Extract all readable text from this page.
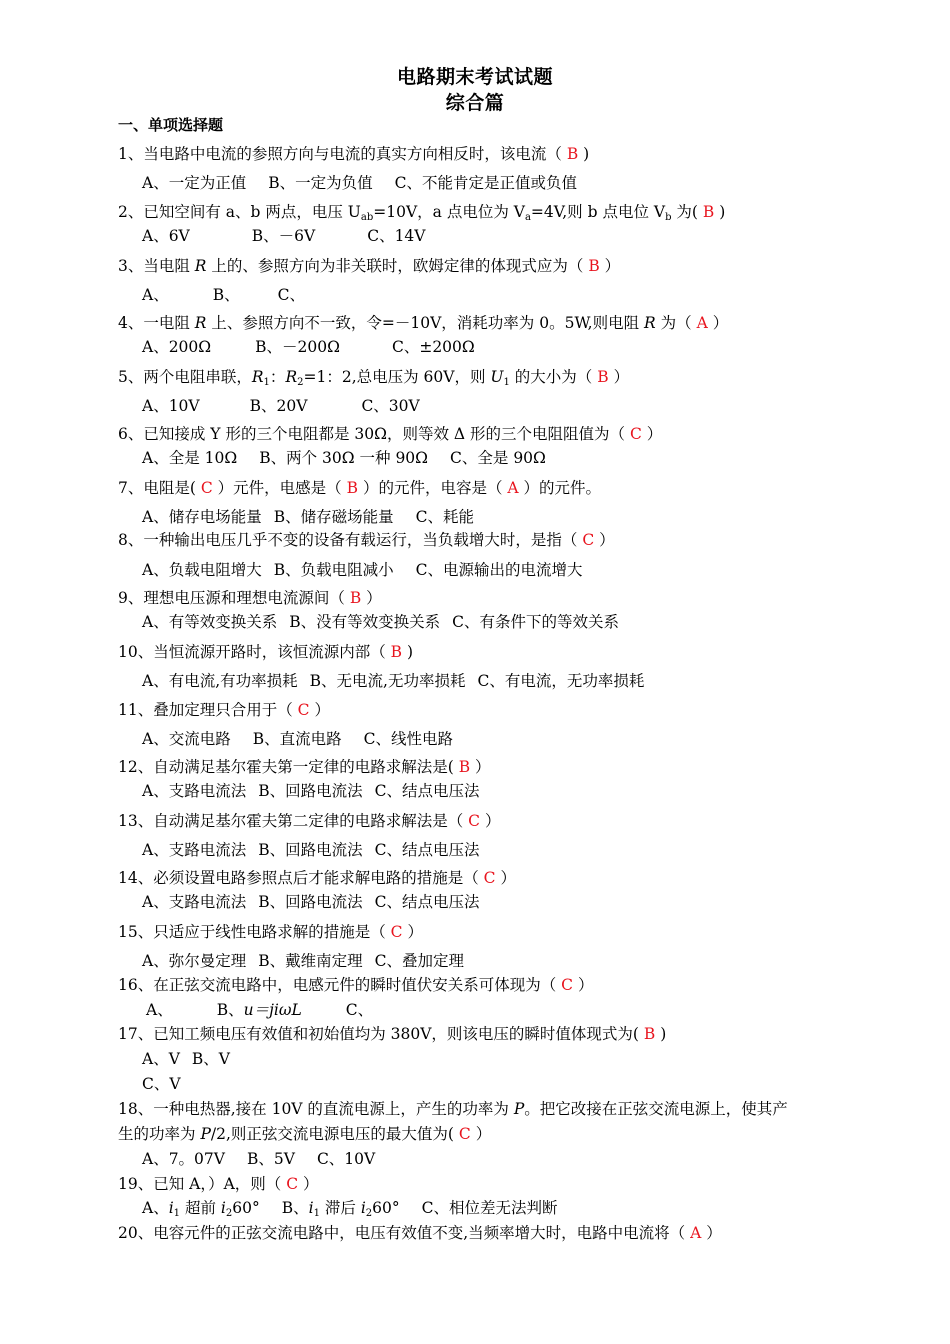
电路期末考试试题
综合篇
一、单项选择题
1、当电路中电流的参照方向与电流的真实方向相反时，该电流（ B )
A、一定为正值 B、一定为负值 C、不能肯定是正值或负值
2、已知空间有 a、b 两点，电压 $U_{ab}=10V$，a 点电位为 $V_a=4V$,则 b 点电位 $V_b$ 为( B )
A、6V	B、－6V	C、14V
3、当电阻 R 上的、参照方向为非关联时，欧姆定律的体现式应为（ B ）
A、	B、 C、
4、一电阻 R 上、参照方向不一致，令=－10V，消耗功率为 0。5W,则电阻 R 为（ A ）
A、200Ω	B、－200Ω	C、±200Ω
5、两个电阻串联，$R_1$：$R_2=1$：2,总电压为 60V，则 $U_1$ 的大小为（ B ）
A、10V	B、20V	C、30V
6、已知接成 Y 形的三个电阻都是 30Ω，则等效 Δ 形的三个电阻阻值为（ C ）
A、全是 10Ω B、两个 30Ω 一种 90Ω C、全是 90Ω
7、电阻是( C ）元件，电感是（ B ）的元件，电容是（ A ）的元件。
A、储存电场能量 B、储存磁场能量 C、耗能
8、一种输出电压几乎不变的设备有载运行，当负载增大时，是指（ C ）
A、负载电阻增大 B、负载电阻减小 C、电源输出的电流增大
9、理想电压源和理想电流源间（ B ）
A、有等效变换关系 B、没有等效变换关系 C、有条件下的等效关系
10、当恒流源开路时，该恒流源内部（ B )
A、有电流,有功率损耗 B、无电流,无功率损耗 C、有电流，无功率损耗
11、叠加定理只合用于（ C ）
A、交流电路 B、直流电路 C、线性电路
12、自动满足基尔霍夫第一定律的电路求解法是( B ）
A、支路电流法 B、回路电流法 C、结点电压法
13、自动满足基尔霍夫第二定律的电路求解法是（ C ）
A、支路电流法 B、回路电流法 C、结点电压法
14、必须设置电路参照点后才能求解电路的措施是（ C ）
A、支路电流法 B、回路电流法 C、结点电压法
15、只适应于线性电路求解的措施是（ C ）
A、弥尔曼定理 B、戴维南定理 C、叠加定理
16、在正弦交流电路中，电感元件的瞬时值伏安关系可体现为（ C ）
A、	B、u＝jiωL	C、
17、已知工频电压有效值和初始值均为 380V，则该电压的瞬时值体现式为( B )
A、V B、V
C、V
18、一种电热器,接在 10V 的直流电源上，产生的功率为 P。把它改接在正弦交流电源上，使其产
生的功率为 P/2,则正弦交流电源电压的最大值为( C ）
A、7。07V B、5V C、10V
19、已知 A，）A，则（ C ）
A、$i_1$ 超前 $i_260^\circ$ B、$i_1$ 滞后 $i_260^\circ$ C、相位差无法判断
20、电容元件的正弦交流电路中，电压有效值不变,当频率增大时，电路中电流将（ A ）
